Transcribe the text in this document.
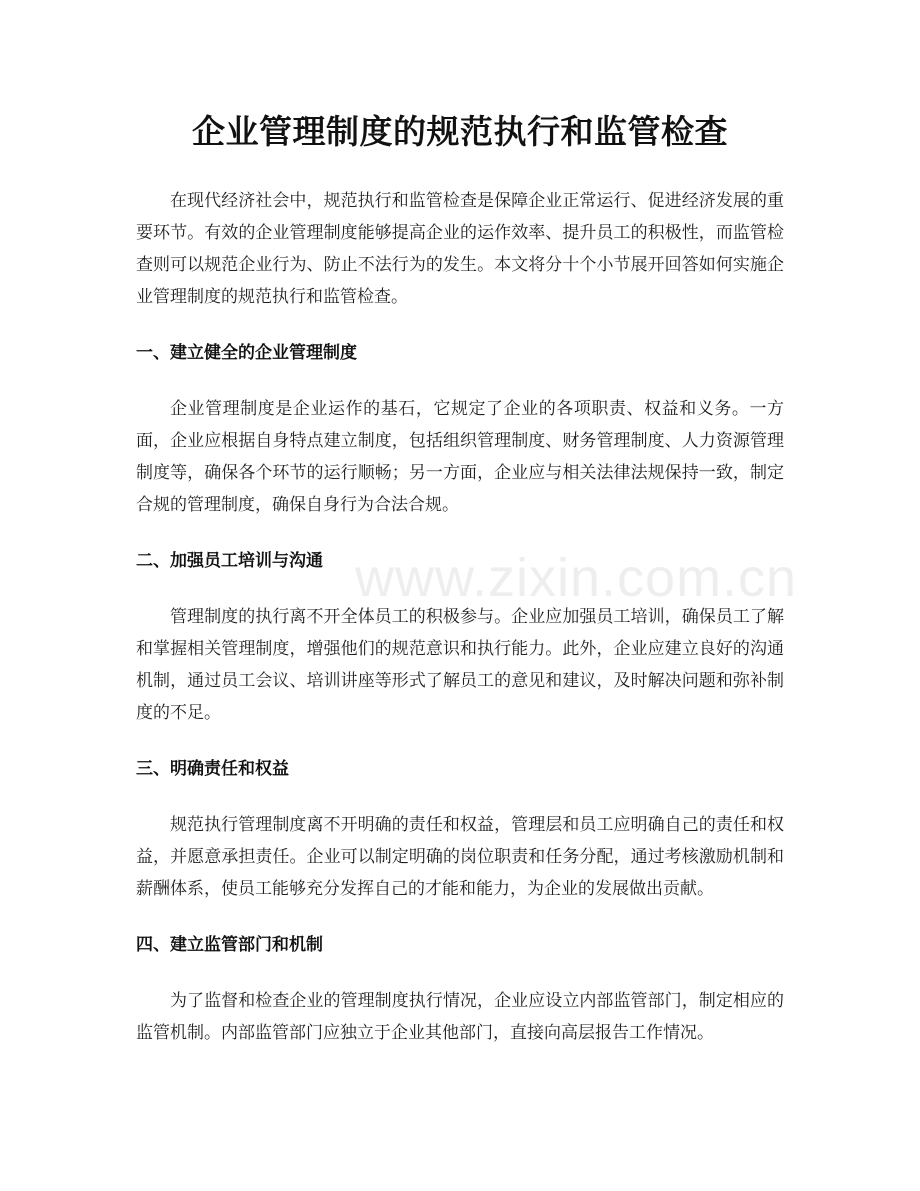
企业管理制度的规范执行和监管检查

在现代经济社会中，规范执行和监管检查是保障企业正常运行、促进经济发展的重要环节。有效的企业管理制度能够提高企业的运作效率、提升员工的积极性，而监管检查则可以规范企业行为、防止不法行为的发生。本文将分十个小节展开回答如何实施企业管理制度的规范执行和监管检查。

一、建立健全的企业管理制度

企业管理制度是企业运作的基石，它规定了企业的各项职责、权益和义务。一方面，企业应根据自身特点建立制度，包括组织管理制度、财务管理制度、人力资源管理制度等，确保各个环节的运行顺畅；另一方面，企业应与相关法律法规保持一致，制定合规的管理制度，确保自身行为合法合规。

二、加强员工培训与沟通

管理制度的执行离不开全体员工的积极参与。企业应加强员工培训，确保员工了解和掌握相关管理制度，增强他们的规范意识和执行能力。此外，企业应建立良好的沟通机制，通过员工会议、培训讲座等形式了解员工的意见和建议，及时解决问题和弥补制度的不足。

三、明确责任和权益

规范执行管理制度离不开明确的责任和权益，管理层和员工应明确自己的责任和权益，并愿意承担责任。企业可以制定明确的岗位职责和任务分配，通过考核激励机制和薪酬体系，使员工能够充分发挥自己的才能和能力，为企业的发展做出贡献。

四、建立监管部门和机制

为了监督和检查企业的管理制度执行情况，企业应设立内部监管部门，制定相应的监管机制。内部监管部门应独立于企业其他部门，直接向高层报告工作情况。

www.zixin.com.cn
